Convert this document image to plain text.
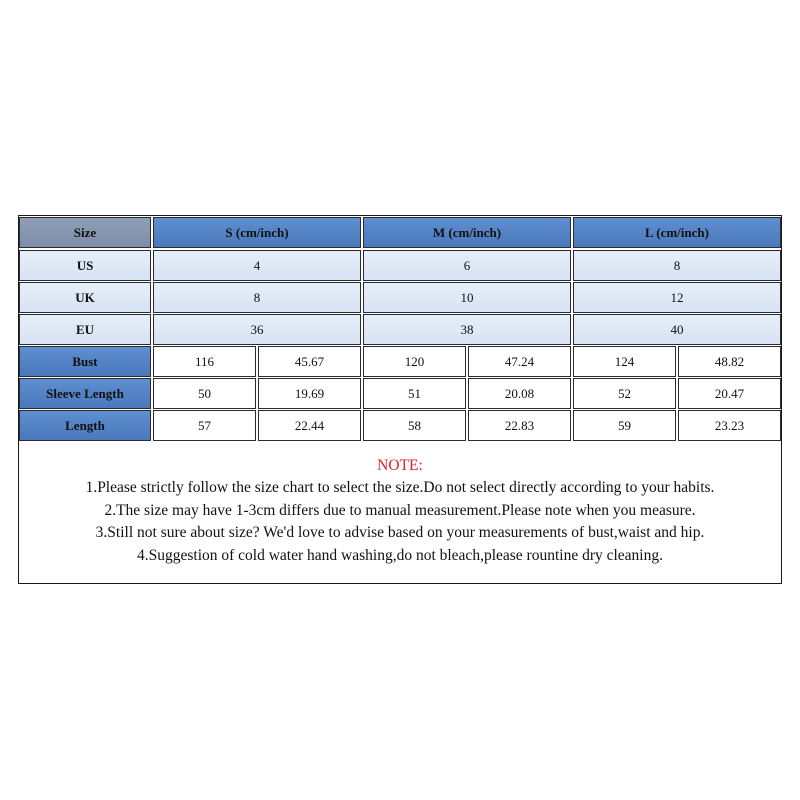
Size	S (cm/inch)	M (cm/inch)	L (cm/inch)
US	4	6	8
UK	8	10	12
EU	36	38	40
Bust	116	45.67	120	47.24	124	48.82
Sleeve Length	50	19.69	51	20.08	52	20.47
Length	57	22.44	58	22.83	59	23.23
NOTE:
1.Please strictly follow the size chart to select the size.Do not select directly according to your habits.
2.The size may have 1-3cm differs due to manual measurement.Please note when you measure.
3.Still not sure about size? We'd love to advise based on your measurements of bust,waist and hip.
4.Suggestion of cold water hand washing,do not bleach,please rountine dry cleaning.
